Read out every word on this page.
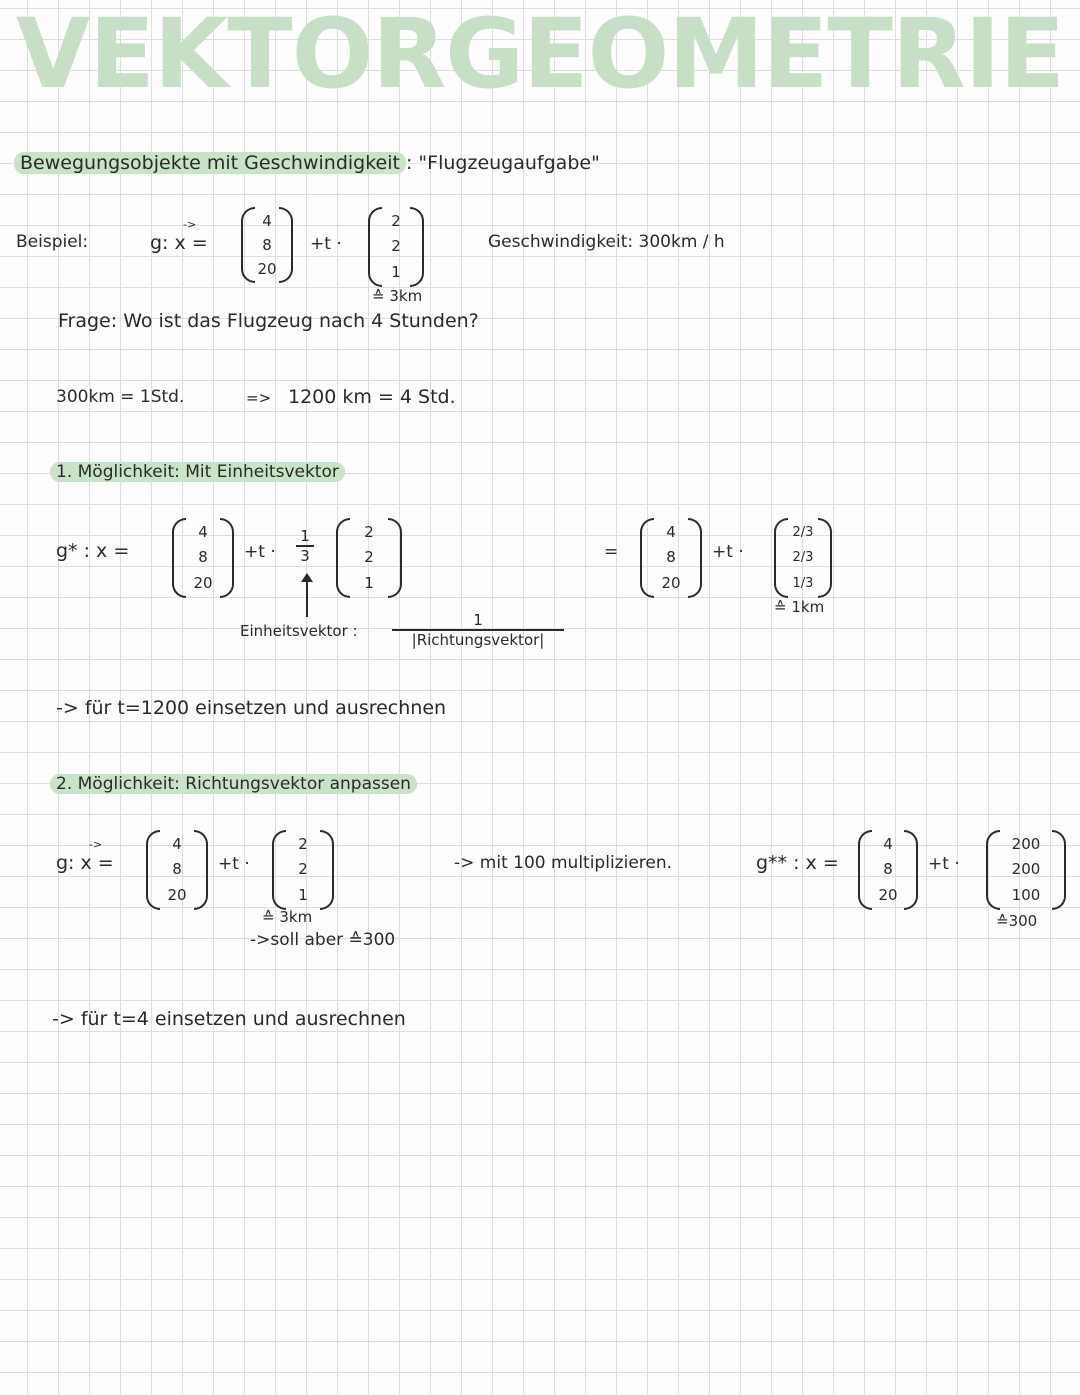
VEKTORGEOMETRIE
Bewegungsobjekte mit Geschwindigkeit : "Flugzeugaufgabe"
Beispiel:	g: x =
->	4
8
20
+t ·
2
2
1
≙ 3km
Geschwindigkeit: 300km / h
Frage: Wo ist das Flugzeug nach 4 Stunden?
300km = 1Std.	=> 1200 km = 4 Std.
1. Möglichkeit: Mit Einheitsvektor
g* : x =
4
8
20
+t ·
1
3
2
2
1
Einheitsvektor :
1
|Richtungsvektor|
=
4
8
20
+t ·
2/3
2/3
1/3
≙ 1km
-> für t=1200 einsetzen und ausrechnen
2. Möglichkeit: Richtungsvektor anpassen
g: x =
->	4
8
20
+t ·
2
2
1
≙ 3km
->soll aber ≙300
-> mit 100 multiplizieren.	g** : x =
4
8
20
+t ·
200
200
100
≙300
-> für t=4 einsetzen und ausrechnen
